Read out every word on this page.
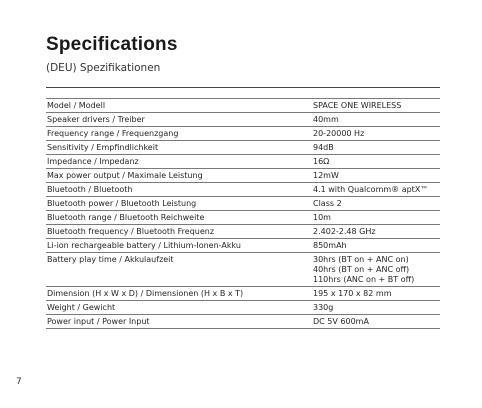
Specifications
(DEU) Spezifikationen
Model / Modell	SPACE ONE WIRELESS

Speaker drivers / Treiber	40mm

Frequency range / Frequenzgang	20-20000 Hz

Sensitivity / Empfindlichkeit	94dB

Impedance / Impedanz	16Ω

Max power output / Maximale Leistung	12mW

Bluetooth / Bluetooth	4.1 with Qualcomm® aptX™

Bluetooth power / Bluetooth Leistung	Class 2

Bluetooth range / Bluetooth Reichweite	10m

Bluetooth frequency / Bluetooth Frequenz	2.402-2.48 GHz

Li-ion rechargeable battery / Lithium-Ionen-Akku	850mAh

Battery play time / Akkulaufzeit	30hrs (BT on + ANC on)
40hrs (BT on + ANC off)
110hrs (ANC on + BT off)

Dimension (H x W x D) / Dimensionen (H x B x T)	195 x 170 x 82 mm

Weight / Gewicht	330g

Power input / Power Input	DC 5V 600mA
7
